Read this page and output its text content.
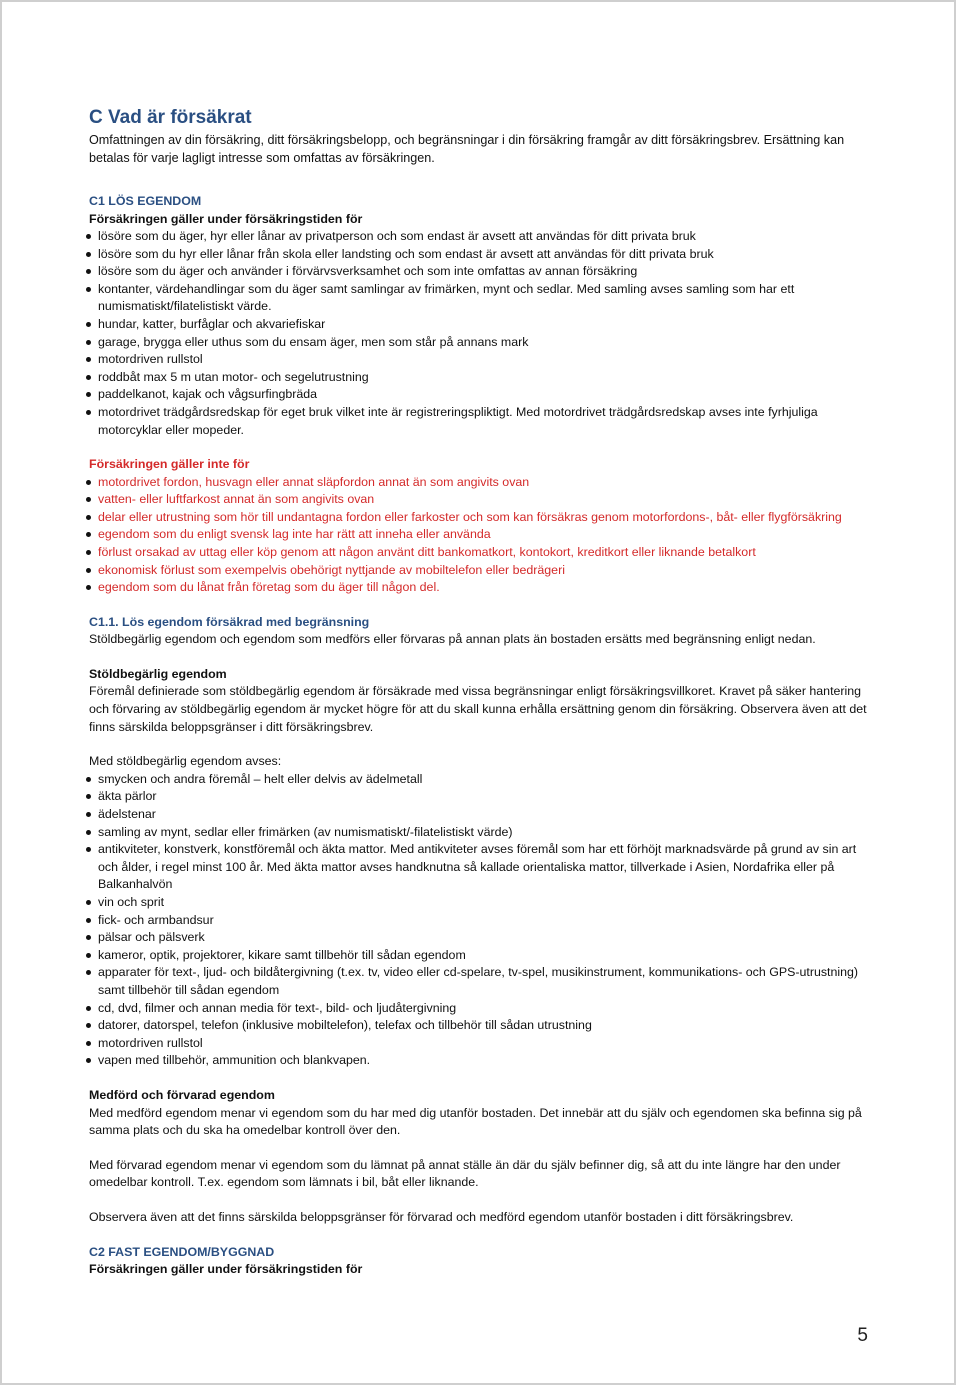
C Vad är försäkrat

Omfattningen av din försäkring, ditt försäkringsbelopp, och begränsningar i din försäkring framgår av ditt försäkringsbrev. Ersättning kan betalas för varje lagligt intresse som omfattas av försäkringen.

C1 LÖS EGENDOM

Försäkringen gäller under försäkringstiden för

lösöre som du äger, hyr eller lånar av privatperson och som endast är avsett att användas för ditt privata bruk
lösöre som du hyr eller lånar från skola eller landsting och som endast är avsett att användas för ditt privata bruk
lösöre som du äger och använder i förvärvsverksamhet och som inte omfattas av annan försäkring
kontanter, värdehandlingar som du äger samt samlingar av frimärken, mynt och sedlar. Med samling avses samling som har ett numismatiskt/filatelistiskt värde.
hundar, katter, burfåglar och akvariefiskar
garage, brygga eller uthus som du ensam äger, men som står på annans mark
motordriven rullstol
roddbåt max 5 m utan motor- och segelutrustning
paddelkanot, kajak och vågsurfingbräda
motordrivet trädgårdsredskap för eget bruk vilket inte är registreringspliktigt. Med motordrivet trädgårdsredskap avses inte fyrhjuliga motorcyklar eller mopeder.

Försäkringen gäller inte för

motordrivet fordon, husvagn eller annat släpfordon annat än som angivits ovan
vatten- eller luftfarkost annat än som angivits ovan
delar eller utrustning som hör till undantagna fordon eller farkoster och som kan försäkras genom motorfordons-, båt- eller flygförsäkring
egendom som du enligt svensk lag inte har rätt att inneha eller använda
förlust orsakad av uttag eller köp genom att någon använt ditt bankomatkort, kontokort, kreditkort eller liknande betalkort
ekonomisk förlust som exempelvis obehörigt nyttjande av mobiltelefon eller bedrägeri
egendom som du lånat från företag som du äger till någon del.
C1.1. Lös egendom försäkrad med begränsning

Stöldbegärlig egendom och egendom som medförs eller förvaras på annan plats än bostaden ersätts med begränsning enligt nedan.

Stöldbegärlig egendom

Föremål definierade som stöldbegärlig egendom är försäkrade med vissa begränsningar enligt försäkringsvillkoret. Kravet på säker hantering och förvaring av stöldbegärlig egendom är mycket högre för att du skall kunna erhålla ersättning genom din försäkring. Observera även att det finns särskilda beloppsgränser i ditt försäkringsbrev.

Med stöldbegärlig egendom avses:

smycken och andra föremål – helt eller delvis av ädelmetall
äkta pärlor
ädelstenar
samling av mynt, sedlar eller frimärken (av numismatiskt/-filatelistiskt värde)
antikviteter, konstverk, konstföremål och äkta mattor. Med antikviteter avses föremål som har ett förhöjt marknadsvärde på grund av sin art och ålder, i regel minst 100 år. Med äkta mattor avses handknutna så kallade orientaliska mattor, tillverkade i Asien, Nordafrika eller på Balkanhalvön
vin och sprit
fick- och armbandsur
pälsar och pälsverk
kameror, optik, projektorer, kikare samt tillbehör till sådan egendom
apparater för text-, ljud- och bildåtergivning (t.ex. tv, video eller cd-spelare, tv-spel, musikinstrument, kommunikations- och GPS-utrustning) samt tillbehör till sådan egendom
cd, dvd, filmer och annan media för text-, bild- och ljudåtergivning
datorer, datorspel, telefon (inklusive mobiltelefon), telefax och tillbehör till sådan utrustning
motordriven rullstol
vapen med tillbehör, ammunition och blankvapen.

Medförd och förvarad egendom

Med medförd egendom menar vi egendom som du har med dig utanför bostaden. Det innebär att du själv och egendomen ska befinna sig på samma plats och du ska ha omedelbar kontroll över den.

Med förvarad egendom menar vi egendom som du lämnat på annat ställe än där du själv befinner dig, så att du inte längre har den under omedelbar kontroll. T.ex. egendom som lämnats i bil, båt eller liknande.

Observera även att det finns särskilda beloppsgränser för förvarad och medförd egendom utanför bostaden i ditt försäkringsbrev.

C2 FAST EGENDOM/BYGGNAD

Försäkringen gäller under försäkringstiden för

5
